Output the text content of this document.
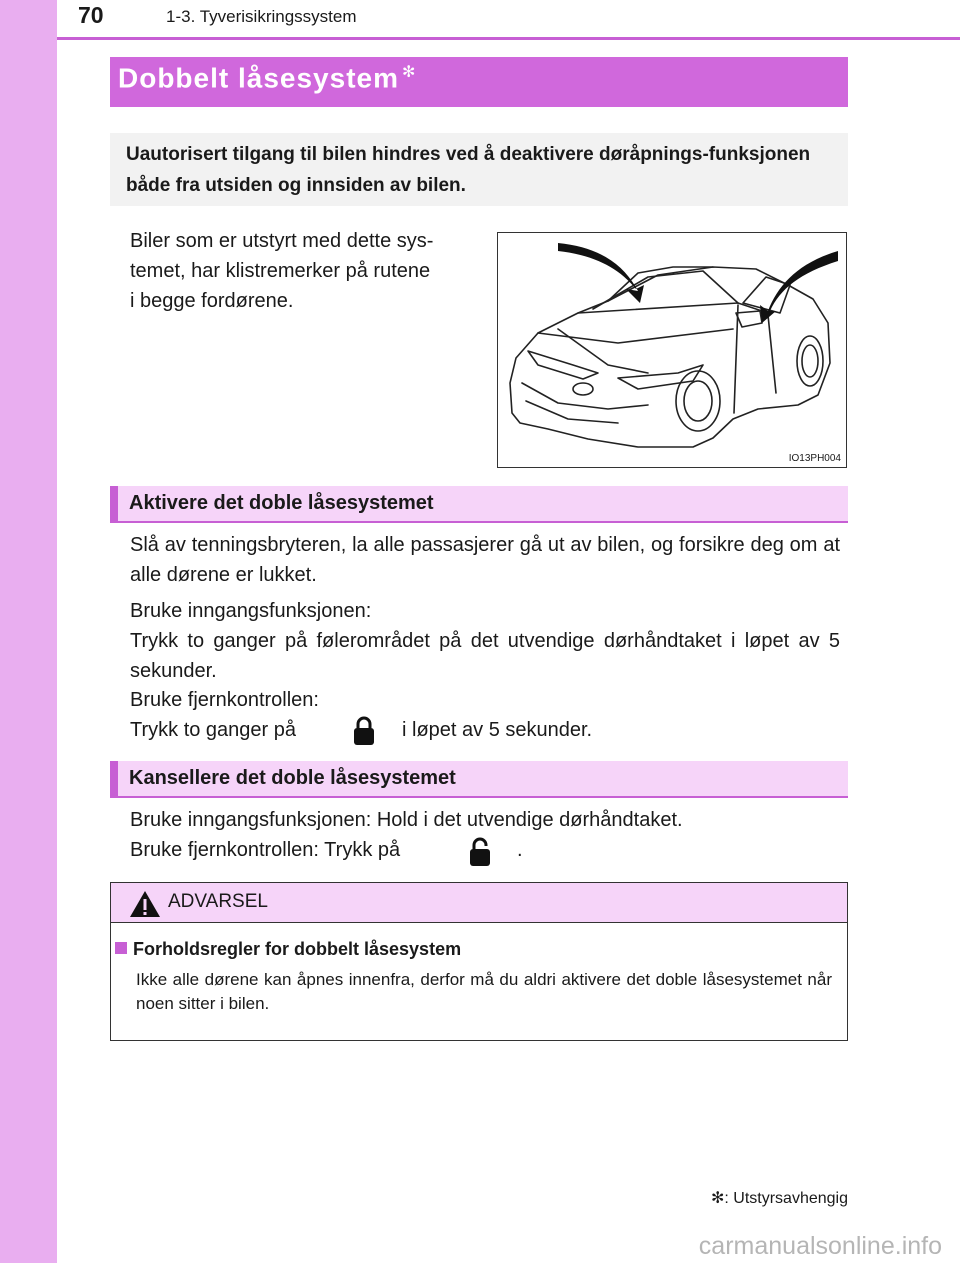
70	1-3. Tyverisikringssystem
Dobbelt låsesystem ✻
Uautorisert tilgang til bilen hindres ved å deaktivere døråpnings-funksjonen både fra utsiden og innsiden av bilen.
Biler som er utstyrt med dette sys-
temet, har klistremerker på rutene
i begge fordørene.
IO13PH004
Aktivere det doble låsesystemet
Slå av tenningsbryteren, la alle passasjerer gå ut av bilen, og forsikre deg om at alle dørene er lukket.
Bruke inngangsfunksjonen:
Trykk to ganger på følerområdet på det utvendige dørhåndtaket i løpet av 5 sekunder.
Bruke fjernkontrollen:
Trykk to ganger på	i løpet av 5 sekunder.
Kansellere det doble låsesystemet
Bruke inngangsfunksjonen: Hold i det utvendige dørhåndtaket.
Bruke fjernkontrollen: Trykk på	.
ADVARSEL
Forholdsregler for dobbelt låsesystem
Ikke alle dørene kan åpnes innenfra, derfor må du aldri aktivere det doble låsesystemet når noen sitter i bilen.
✻: Utstyrsavhengig
carmanualsonline.info
